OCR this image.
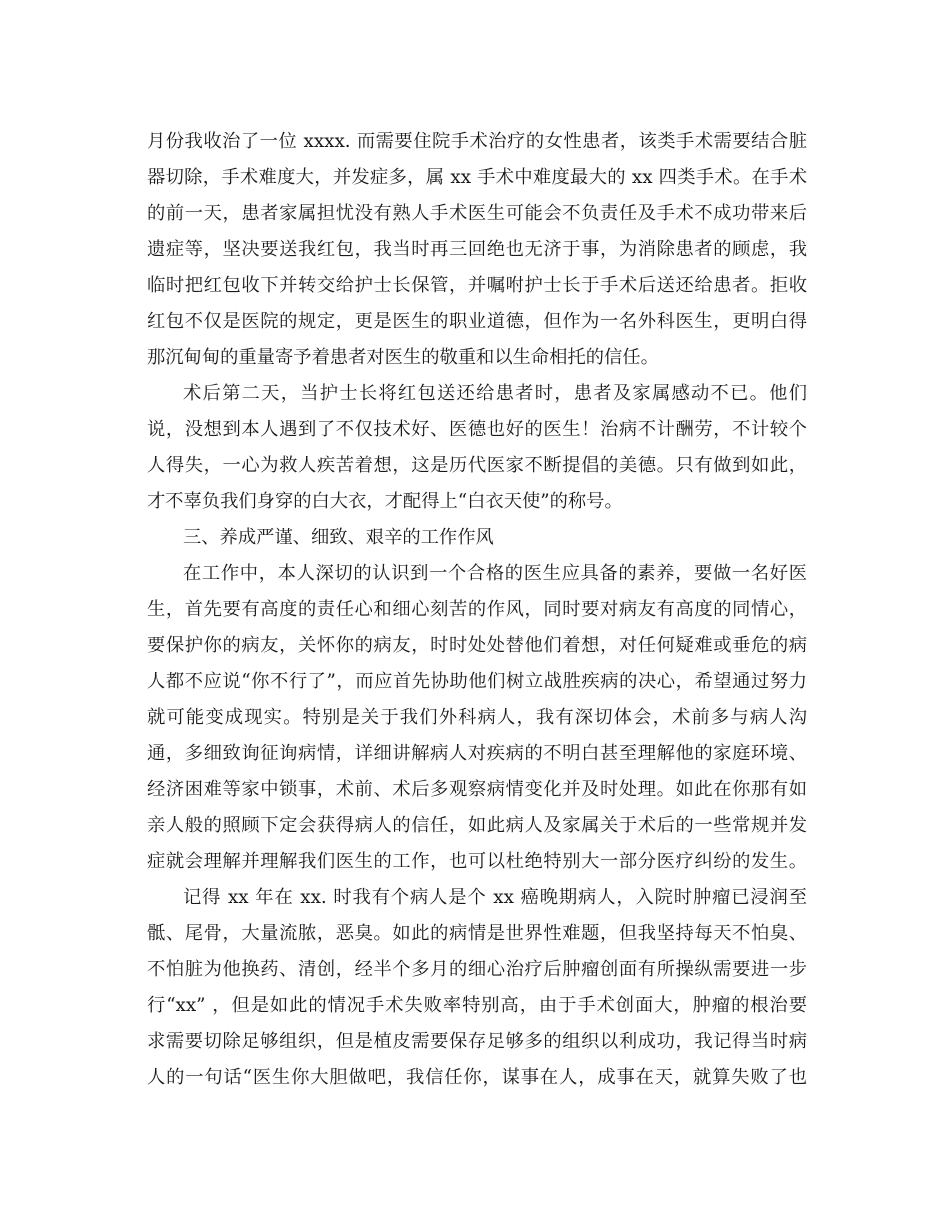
月份我收治了一位 xxxx. 而需要住院手术治疗的女性患者，该类手术需要结合脏
器切除，手术难度大，并发症多，属 xx 手术中难度最大的 xx 四类手术。在手术
的前一天，患者家属担忧没有熟人手术医生可能会不负责任及手术不成功带来后
遗症等，坚决要送我红包，我当时再三回绝也无济于事，为消除患者的顾虑，我
临时把红包收下并转交给护士长保管，并嘱咐护士长于手术后送还给患者。拒收
红包不仅是医院的规定，更是医生的职业道德，但作为一名外科医生，更明白得
那沉甸甸的重量寄予着患者对医生的敬重和以生命相托的信任。
术后第二天，当护士长将红包送还给患者时，患者及家属感动不已。他们
说，没想到本人遇到了不仅技术好、医德也好的医生！治病不计酬劳，不计较个
人得失，一心为救人疾苦着想，这是历代医家不断提倡的美德。只有做到如此，
才不辜负我们身穿的白大衣，才配得上“白衣天使”的称号。
三、养成严谨、细致、艰辛的工作作风
在工作中，本人深切的认识到一个合格的医生应具备的素养，要做一名好医
生，首先要有高度的责任心和细心刻苦的作风，同时要对病友有高度的同情心，
要保护你的病友，关怀你的病友，时时处处替他们着想，对任何疑难或垂危的病
人都不应说“你不行了”，而应首先协助他们树立战胜疾病的决心，希望通过努力
就可能变成现实。特别是关于我们外科病人，我有深切体会，术前多与病人沟
通，多细致询征询病情，详细讲解病人对疾病的不明白甚至理解他的家庭环境、
经济困难等家中锁事，术前、术后多观察病情变化并及时处理。如此在你那有如
亲人般的照顾下定会获得病人的信任，如此病人及家属关于术后的一些常规并发
症就会理解并理解我们医生的工作，也可以杜绝特别大一部分医疗纠纷的发生。
记得 xx 年在 xx. 时我有个病人是个 xx 癌晚期病人，入院时肿瘤已浸润至
骶、尾骨，大量流脓，恶臭。如此的病情是世界性难题，但我坚持每天不怕臭、
不怕脏为他换药、清创，经半个多月的细心治疗后肿瘤创面有所操纵需要进一步
行“xx” ，但是如此的情况手术失败率特别高，由于手术创面大，肿瘤的根治要
求需要切除足够组织，但是植皮需要保存足够多的组织以利成功，我记得当时病
人的一句话“医生你大胆做吧，我信任你，谋事在人，成事在天，就算失败了也
